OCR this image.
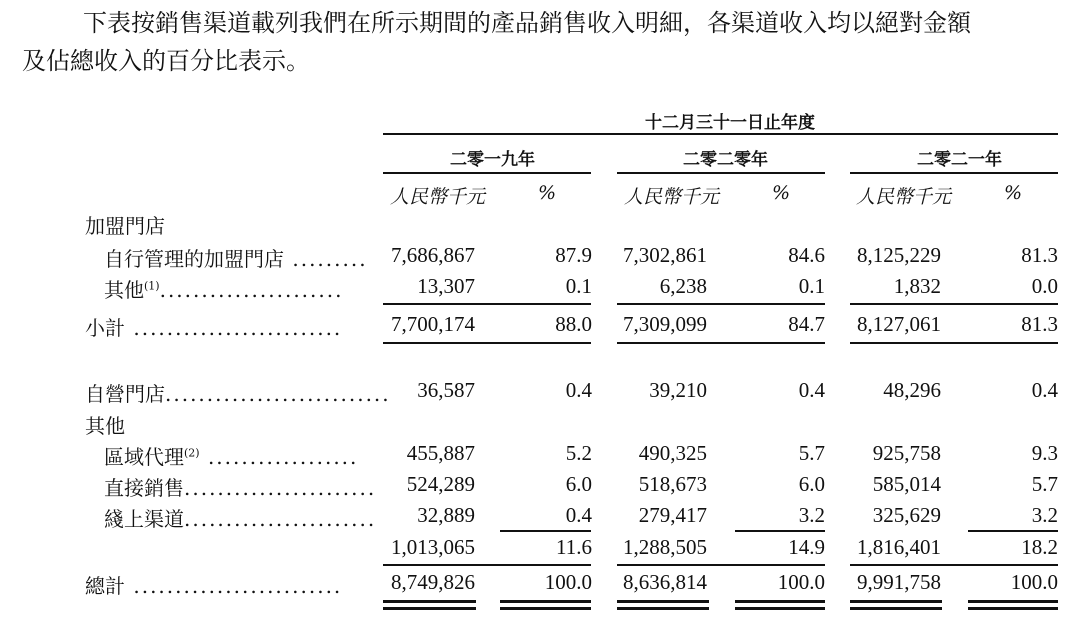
下表按銷售渠道載列我們在所示期間的產品銷售收入明細，各渠道收入均以絕對金額

及佔總收入的百分比表示。

十二月三十一日止年度
二零一九年	二零二零年	二零二一年
人民幣千元	%	人民幣千元	%	人民幣千元	%
加盟門店
自行管理的加盟門店 .........	7,686,867	87.9	7,302,861	84.6	8,125,229	81.3
其他$^{(1)}$......................	13,307	0.1	6,238	0.1	1,832	0.0
小計 .........................	7,700,174	88.0	7,309,099	84.7	8,127,061	81.3
自營門店...........................	36,587	0.4	39,210	0.4	48,296	0.4
其他
區域代理$^{(2)}$ ..................	455,887	5.2	490,325	5.7	925,758	9.3
直接銷售.......................	524,289	6.0	518,673	6.0	585,014	5.7
綫上渠道.......................	32,889	0.4	279,417	3.2	325,629	3.2
1,013,065	11.6	1,288,505	14.9	1,816,401	18.2
總計 .........................	8,749,826	100.0	8,636,814	100.0	9,991,758	100.0
